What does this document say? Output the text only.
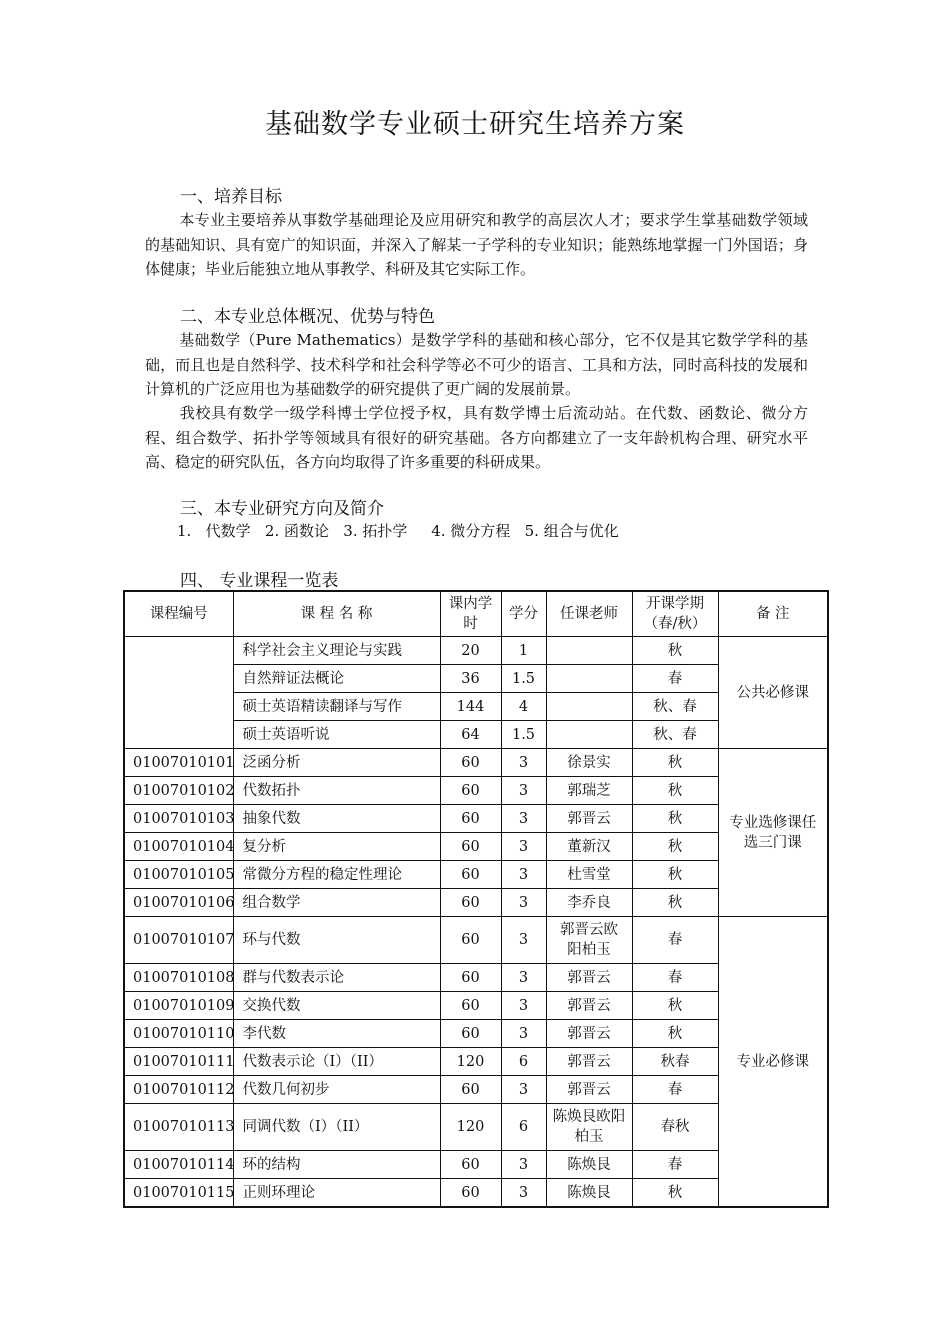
基础数学专业硕士研究生培养方案
一、培养目标
本专业主要培养从事数学基础理论及应用研究和教学的高层次人才；要求学生掌基础数学领域的基础知识、具有宽广的知识面，并深入了解某一子学科的专业知识；能熟练地掌握一门外国语；身体健康；毕业后能独立地从事教学、科研及其它实际工作。
二、本专业总体概况、优势与特色
基础数学（Pure Mathematics）是数学学科的基础和核心部分，它不仅是其它数学学科的基础，而且也是自然科学、技术科学和社会科学等必不可少的语言、工具和方法，同时高科技的发展和计算机的广泛应用也为基础数学的研究提供了更广阔的发展前景。
我校具有数学一级学科博士学位授予权，具有数学博士后流动站。在代数、函数论、微分方程、组合数学、拓扑学等领域具有很好的研究基础。各方向都建立了一支年龄机构合理、研究水平高、稳定的研究队伍，各方向均取得了许多重要的科研成果。
三、本专业研究方向及简介
1.   代数学   2. 函数论   3. 拓扑学     4. 微分方程   5. 组合与优化
四、 专业课程一览表
课程编号	课 程 名 称	课内学时	学分	任课老师	开课学期（春/秋）	备 注
	科学社会主义理论与实践	20	1		秋	公共必修课
	自然辩证法概论	36	1.5		春	
	硕士英语精读翻译与写作	144	4		秋、春	
	硕士英语听说	64	1.5		秋、春	
01007010101	泛函分析	60	3	徐景实	秋	专业选修课任选三门课
01007010102	代数拓扑	60	3	郭瑞芝	秋	
01007010103	抽象代数	60	3	郭晋云	秋	
01007010104	复分析	60	3	董新汉	秋	
01007010105	常微分方程的稳定性理论	60	3	杜雪堂	秋	
01007010106	组合数学	60	3	李乔良	秋	
01007010107	环与代数	60	3	郭晋云欧阳柏玉	春	专业必修课
01007010108	群与代数表示论	60	3	郭晋云	春	
01007010109	交换代数	60	3	郭晋云	秋	
01007010110	李代数	60	3	郭晋云	秋	
01007010111	代数表示论（I）（II）	120	6	郭晋云	秋春	
01007010112	代数几何初步	60	3	郭晋云	春	
01007010113	同调代数（I）（II）	120	6	陈焕艮欧阳柏玉	春秋	
01007010114	环的结构	60	3	陈焕艮	春	
01007010115	正则环理论	60	3	陈焕艮	秋	
